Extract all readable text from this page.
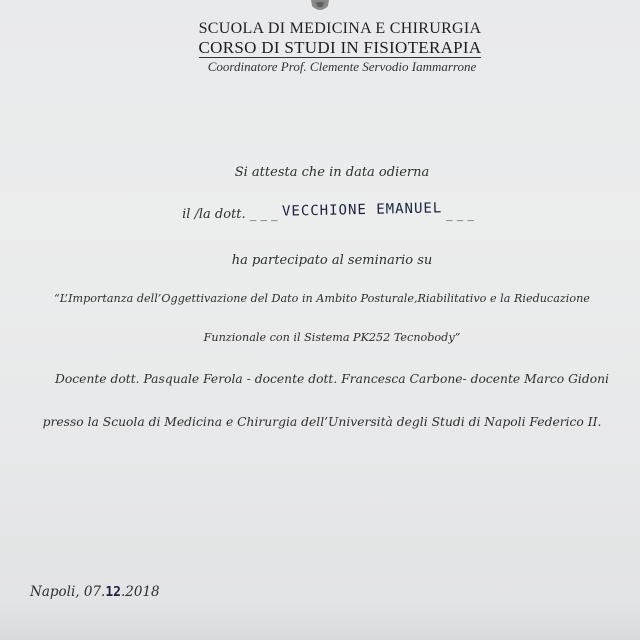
SCUOLA DI MEDICINA E CHIRURGIA
CORSO DI STUDI IN FISIOTERAPIA
Coordinatore Prof. Clemente Servodio Iammarrone
Si attesta che in data odierna
il /la dott. _ _ _ VECCHIONE EMANUEL _ _ _
ha partecipato al seminario su
“L’Importanza dell’Oggettivazione del Dato in Ambito Posturale,Riabilitativo e la Rieducazione
Funzionale con il Sistema PK252 Tecnobody”
Docente dott. Pasquale Ferola - docente dott. Francesca Carbone- docente Marco Gidoni
presso la Scuola di Medicina e Chirurgia dell’Università degli Studi di Napoli Federico II.
Napoli, 07.12.2018
